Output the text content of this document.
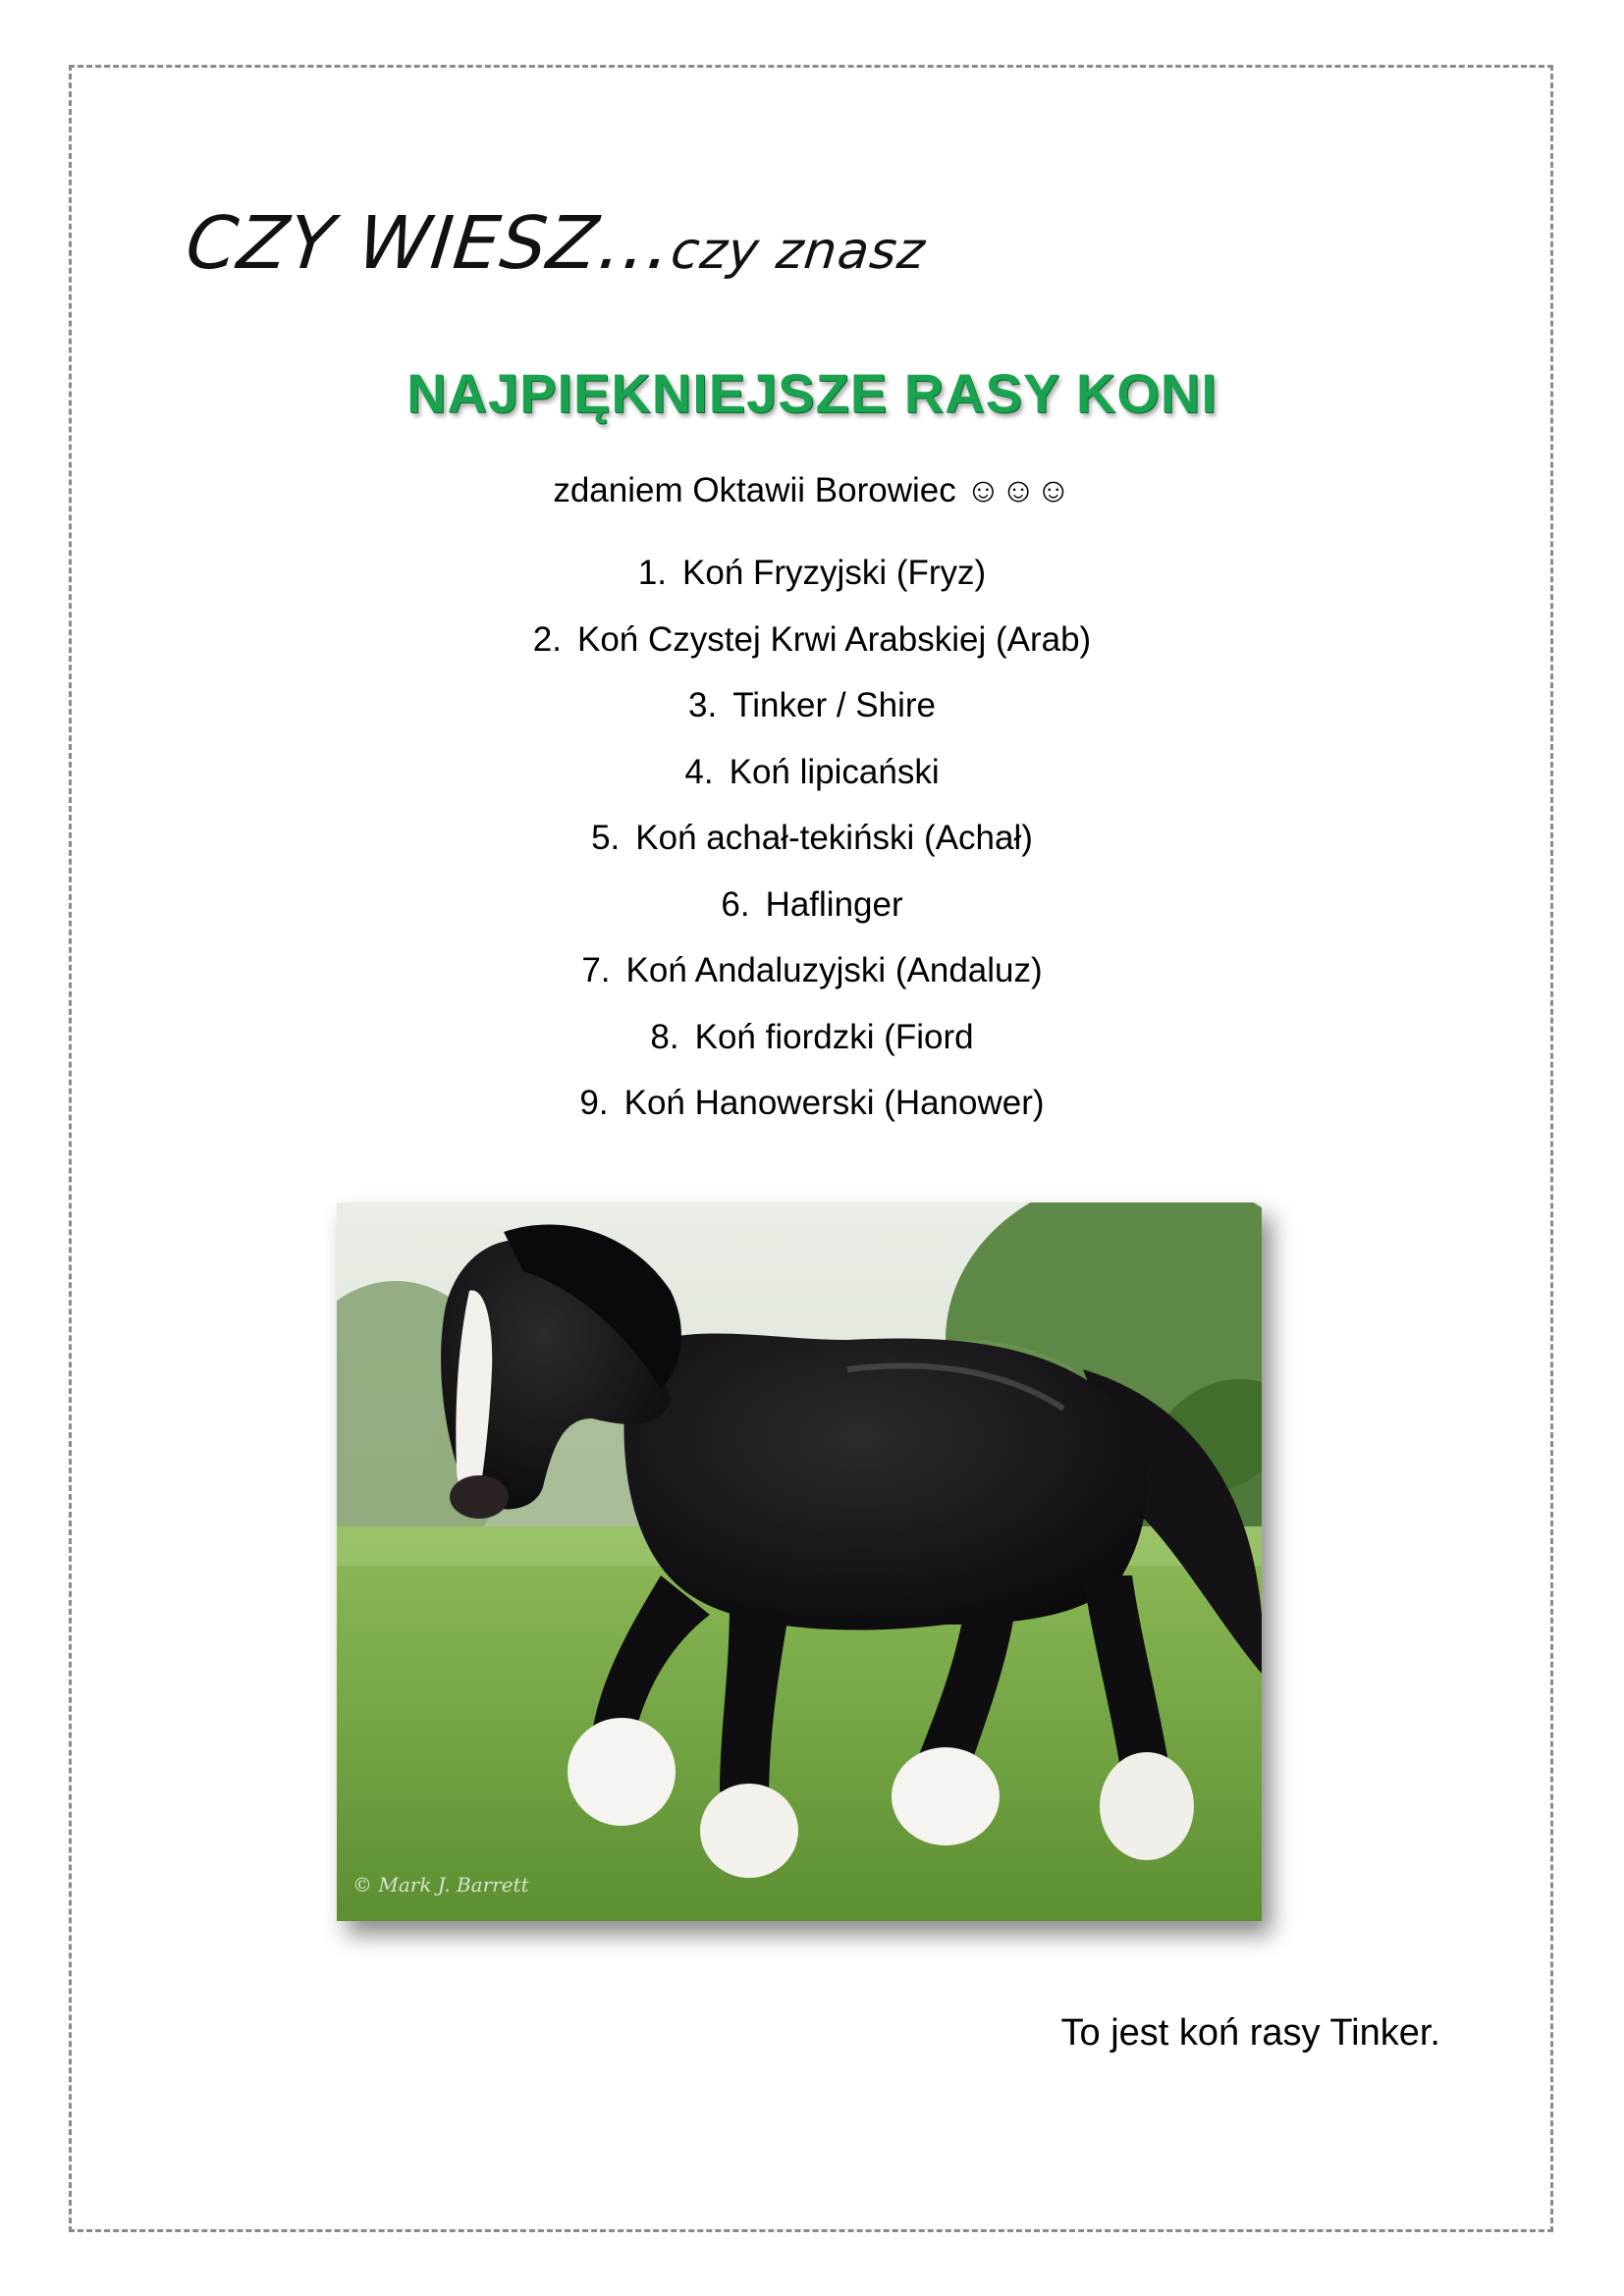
CZY WIESZ…czy znasz
NAJPIĘKNIEJSZE RASY KONI
zdaniem Oktawii Borowiec ☺☺☺
1. Koń Fryzyjski (Fryz)
2. Koń Czystej Krwi Arabskiej (Arab)
3. Tinker / Shire
4. Koń lipicański
5. Koń achał-tekiński (Achał)
6. Haflinger
7. Koń Andaluzyjski (Andaluz)
8. Koń fiordzki (Fiord
9. Koń Hanowerski (Hanower)
© Mark J. Barrett
To jest koń rasy Tinker.
